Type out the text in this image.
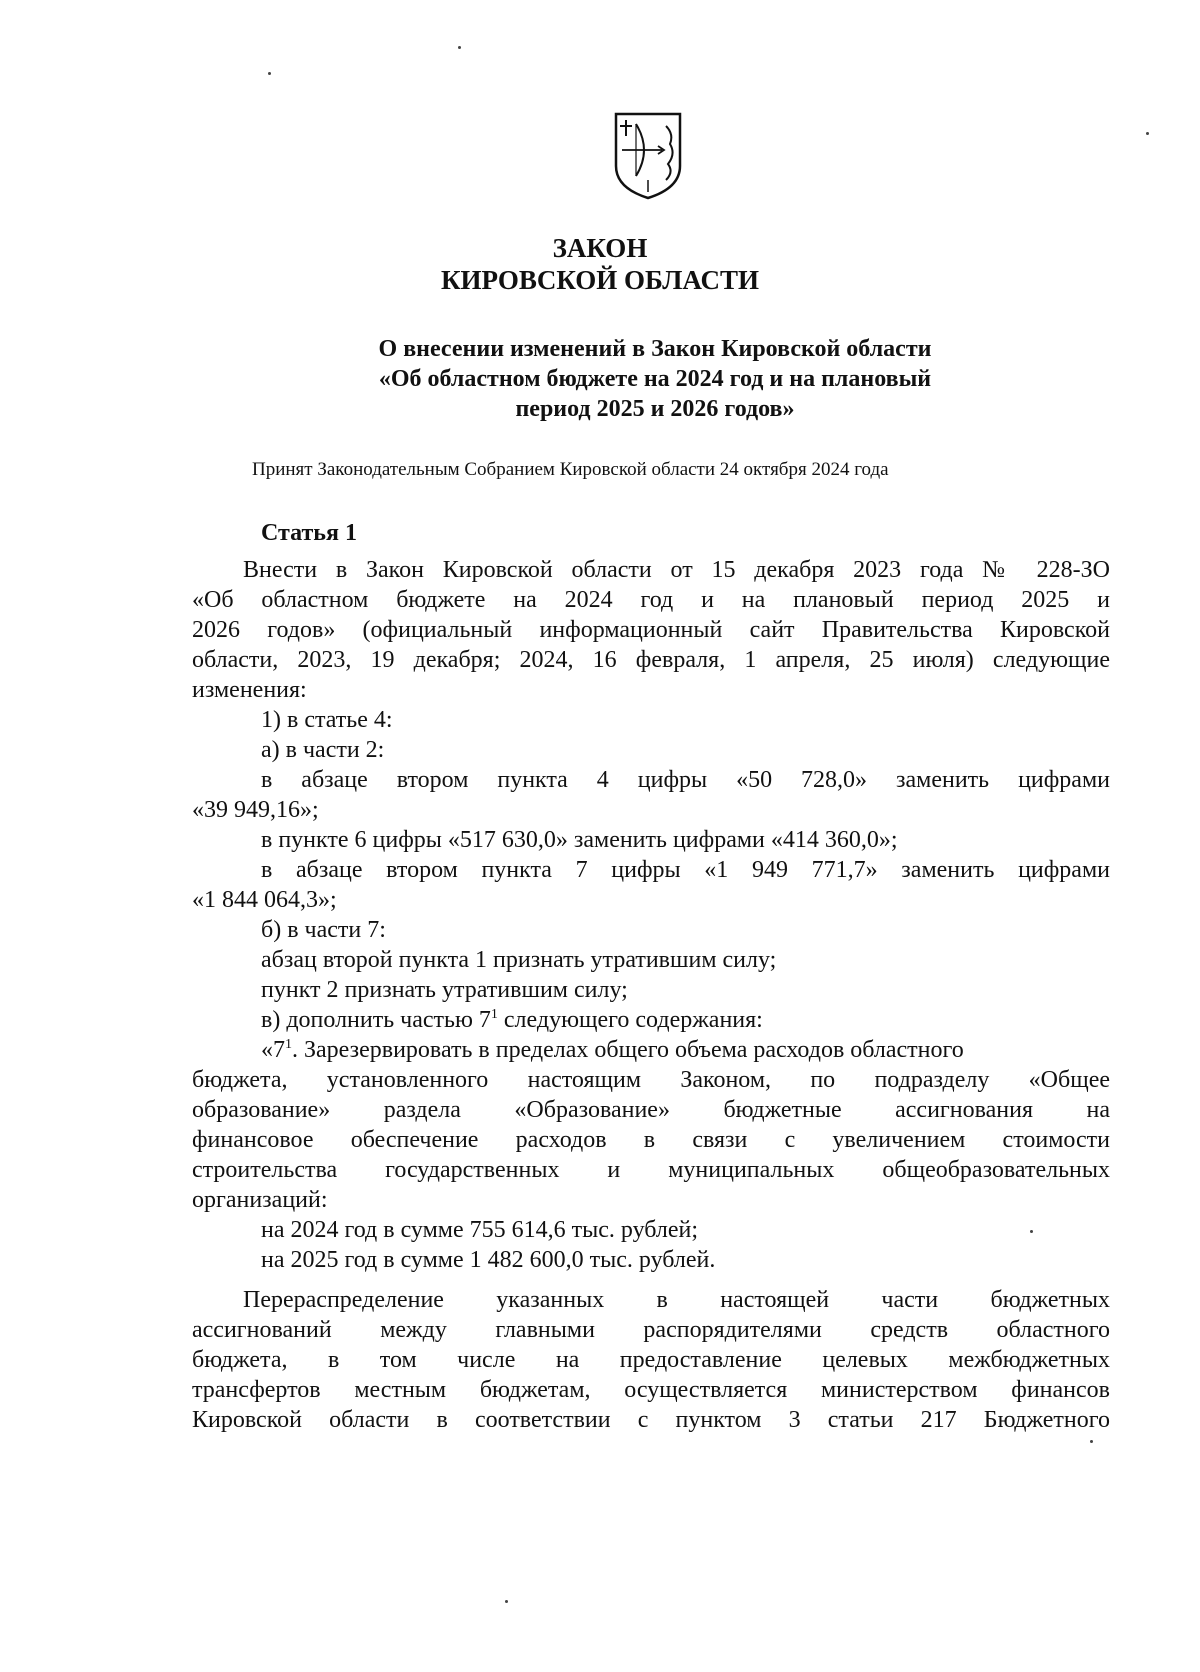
ЗАКОН
КИРОВСКОЙ ОБЛАСТИ
О внесении изменений в Закон Кировской области
«Об областном бюджете на 2024 год и на плановый
период 2025 и 2026 годов»
Принят Законодательным Собранием Кировской области 24 октября 2024 года
Статья 1
Внести в Закон Кировской области от 15 декабря 2023 года № 228-ЗО
«Об областном бюджете на 2024 год и на плановый период 2025 и
2026 годов» (официальный информационный сайт Правительства Кировской
области, 2023, 19 декабря; 2024, 16 февраля, 1 апреля, 25 июля) следующие
изменения:
1) в статье 4:
а) в части 2:
в абзаце втором пункта 4 цифры «50 728,0» заменить цифрами
«39 949,16»;
в пункте 6 цифры «517 630,0» заменить цифрами «414 360,0»;
в абзаце втором пункта 7 цифры «1 949 771,7» заменить цифрами
«1 844 064,3»;
б) в части 7:
абзац второй пункта 1 признать утратившим силу;
пункт 2 признать утратившим силу;
в) дополнить частью $7^1$ следующего содержания:
«$7^1$. Зарезервировать в пределах общего объема расходов областного
бюджета, установленного настоящим Законом, по подразделу «Общее
образование» раздела «Образование» бюджетные ассигнования на
финансовое обеспечение расходов в связи с увеличением стоимости
строительства государственных и муниципальных общеобразовательных
организаций:
на 2024 год в сумме 755 614,6 тыс. рублей;
на 2025 год в сумме 1 482 600,0 тыс. рублей.
Перераспределение указанных в настоящей части бюджетных
ассигнований между главными распорядителями средств областного
бюджета, в том числе на предоставление целевых межбюджетных
трансфертов местным бюджетам, осуществляется министерством финансов
Кировской области в соответствии с пунктом 3 статьи 217 Бюджетного
